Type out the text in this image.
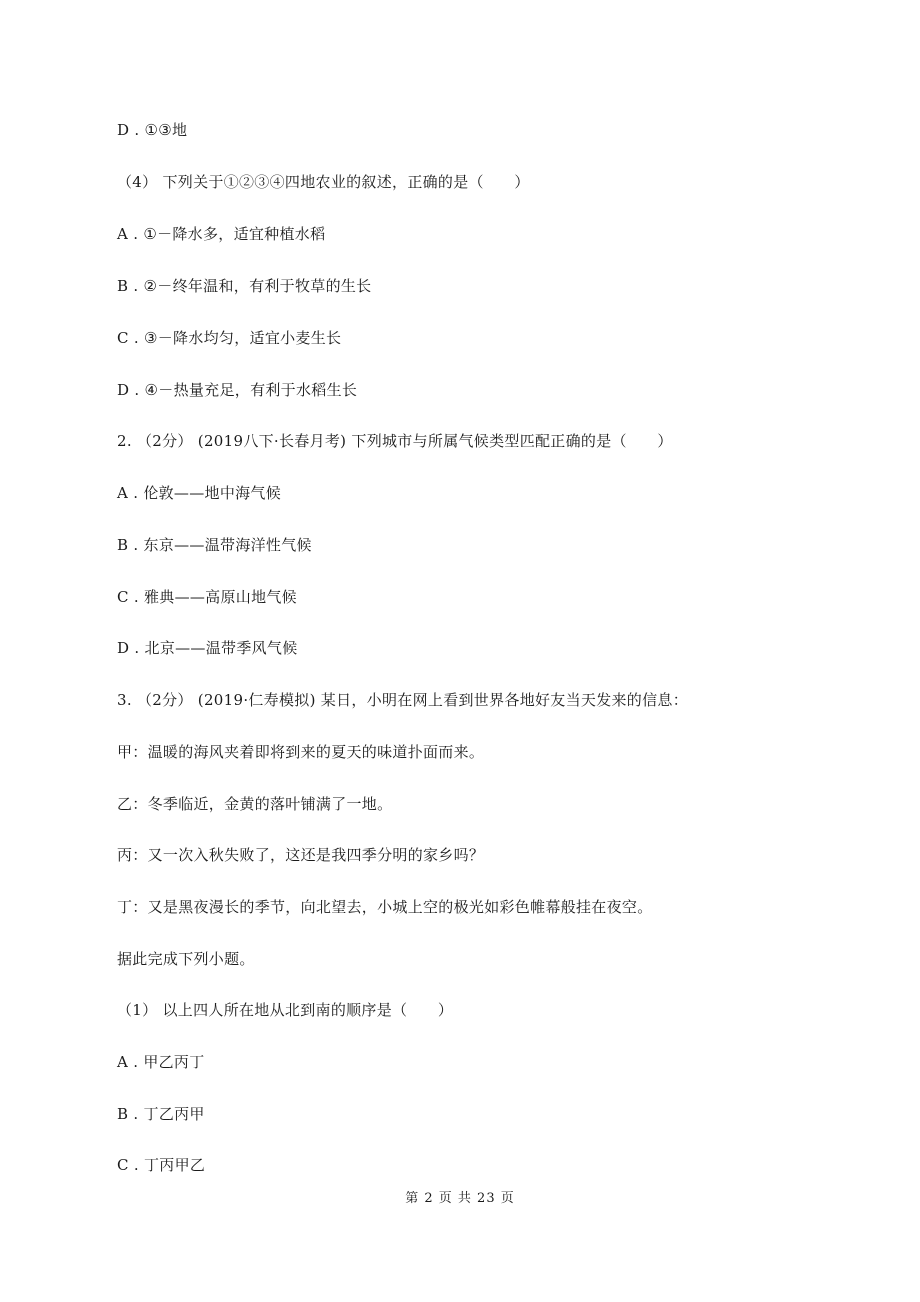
D . ①③地
（4） 下列关于①②③④四地农业的叙述，正确的是（　　）
A . ①－降水多，适宜种植水稻
B . ②－终年温和，有利于牧草的生长
C . ③－降水均匀，适宜小麦生长
D . ④－热量充足，有利于水稻生长
2. （2分） (2019八下·长春月考) 下列城市与所属气候类型匹配正确的是（　　）
A . 伦敦——地中海气候
B . 东京——温带海洋性气候
C . 雅典——高原山地气候
D . 北京——温带季风气候
3. （2分） (2019·仁寿模拟) 某日，小明在网上看到世界各地好友当天发来的信息：
甲：温暖的海风夹着即将到来的夏天的味道扑面而来。
乙：冬季临近，金黄的落叶铺满了一地。
丙：又一次入秋失败了，这还是我四季分明的家乡吗？
丁：又是黑夜漫长的季节，向北望去，小城上空的极光如彩色帷幕般挂在夜空。
据此完成下列小题。
（1） 以上四人所在地从北到南的顺序是（　　）
A . 甲乙丙丁
B . 丁乙丙甲
C . 丁丙甲乙
第 2 页 共 23 页
